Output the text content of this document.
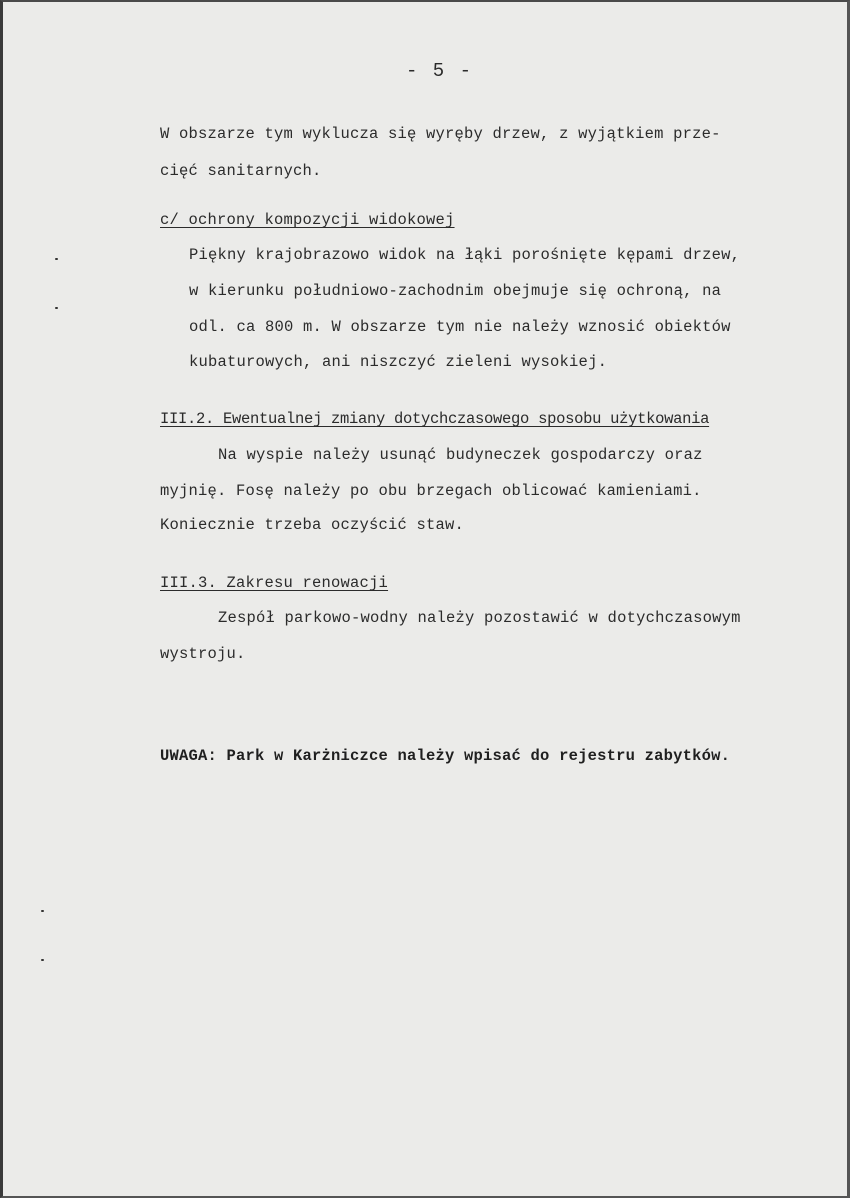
- 5 -

W obszarze tym wyklucza się wyręby drzew, z wyjątkiem prze-

cięć sanitarnych.

c/ ochrony kompozycji widokowej

Piękny krajobrazowo widok na łąki porośnięte kępami drzew,

w kierunku południowo-zachodnim obejmuje się ochroną, na

odl. ca 800 m. W obszarze tym nie należy wznosić obiektów

kubaturowych, ani niszczyć zieleni wysokiej.

III.2. Ewentualnej zmiany dotychczasowego sposobu użytkowania

Na wyspie należy usunąć budyneczek gospodarczy oraz

myjnię. Fosę należy po obu brzegach oblicować kamieniami.

Koniecznie trzeba oczyścić staw.

III.3. Zakresu renowacji

Zespół parkowo-wodny należy pozostawić w dotychczasowym

wystroju.

UWAGA: Park w Karżniczce należy wpisać do rejestru zabytków.
